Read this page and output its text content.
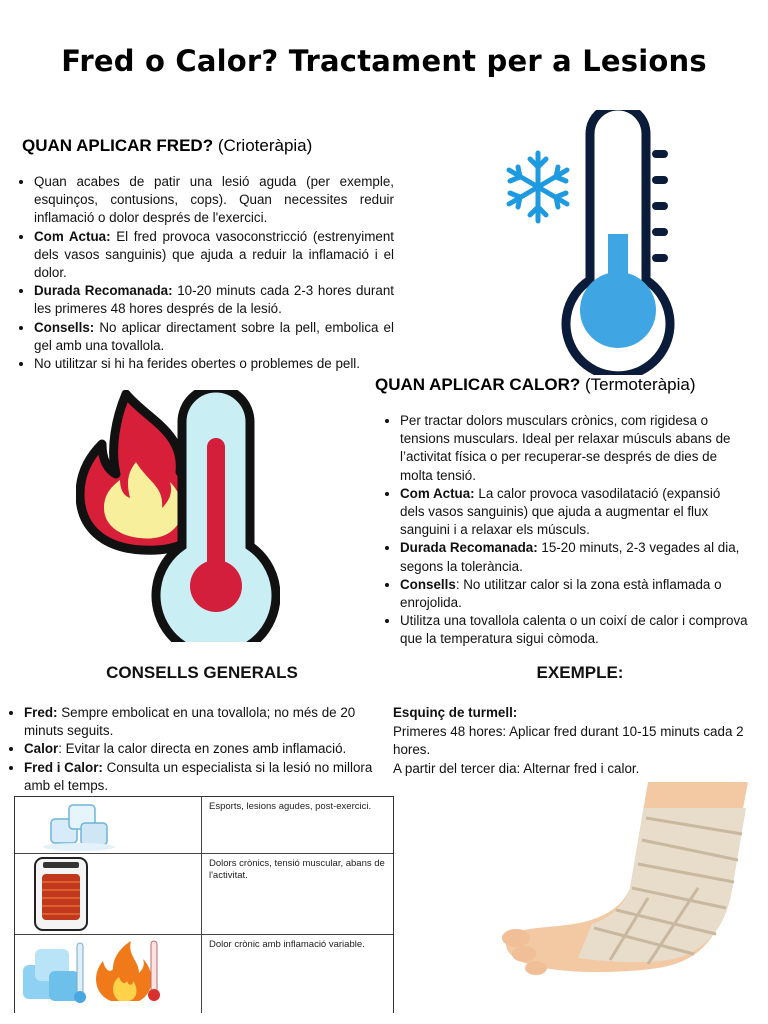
Fred o Calor? Tractament per a Lesions
QUAN APLICAR FRED? (Crioteràpia)
• Quan acabes de patir una lesió aguda (per exemple, esquinços, contusions, cops). Quan necessites reduir inflamació o dolor després de l'exercici.
• Com Actua: El fred provoca vasoconstricció (estrenyiment dels vasos sanguinis) que ajuda a reduir la inflamació i el dolor.
• Durada Recomanada: 10-20 minuts cada 2-3 hores durant les primeres 48 hores després de la lesió.
• Consells: No aplicar directament sobre la pell, embolica el gel amb una tovallola.
• No utilitzar si hi ha ferides obertes o problemes de pell.
QUAN APLICAR CALOR? (Termoteràpia)
• Per tractar dolors musculars crònics, com rigidesa o tensions musculars. Ideal per relaxar músculs abans de l’activitat física o per recuperar-se després de dies de molta tensió.
• Com Actua: La calor provoca vasodilatació (expansió dels vasos sanguinis) que ajuda a augmentar el flux sanguini i a relaxar els músculs.
• Durada Recomanada: 15-20 minuts, 2-3 vegades al dia, segons la tolerància.
• Consells: No utilitzar calor si la zona està inflamada o enrojolida.
• Utilitza una tovallola calenta o un coixí de calor i comprova que la temperatura sigui còmoda.
CONSELLS GENERALS
• Fred: Sempre embolicat en una tovallola; no més de 20 minuts seguits.
• Calor: Evitar la calor directa en zones amb inflamació.
• Fred i Calor: Consulta un especialista si la lesió no millora amb el temps.
EXEMPLE:
Esquinç de turmell:
Primeres 48 hores: Aplicar fred durant 10-15 minuts cada 2 hores.
A partir del tercer dia: Alternar fred i calor.
Esports, lesions agudes, post-exercici.
Dolors crònics, tensió muscular, abans de l'activitat.
Dolor crònic amb inflamació variable.
